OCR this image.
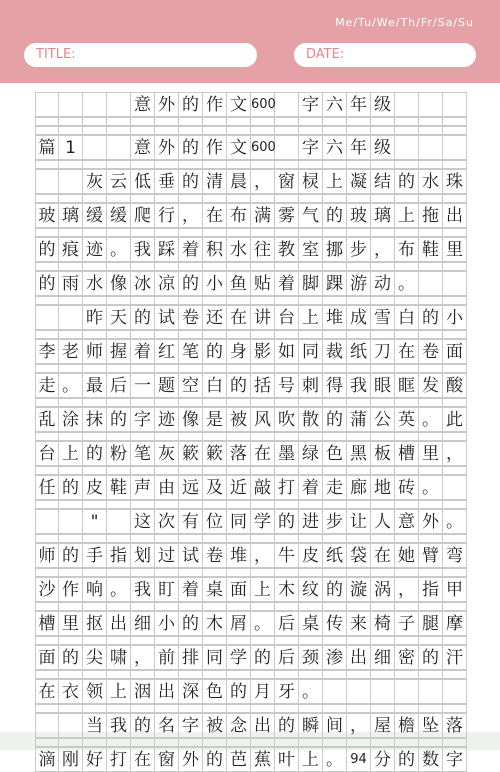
Me/Tu/We/Th/Fr/Sa/Su
TITLE:	DATE:
意 外 的 作 文 600 字 六 年 级
篇 1	意 外 的 作 文 600 字 六 年 级
灰 云 低 垂 的 清 晨 ， 窗 棂 上 凝 结 的 水 珠
玻 璃 缓 缓 爬 行 ， 在 布 满 雾 气 的 玻 璃 上 拖 出
的 痕 迹 。 我 踩 着 积 水 往 教 室 挪 步 ， 布 鞋 里
的 雨 水 像 冰 凉 的 小 鱼 贴 着 脚 踝 游 动 。
昨 天 的 试 卷 还 在 讲 台 上 堆 成 雪 白 的 小
李 老 师 握 着 红 笔 的 身 影 如 同 裁 纸 刀 在 卷 面
走 。 最 后 一 题 空 白 的 括 号 刺 得 我 眼 眶 发 酸
乱 涂 抹 的 字 迹 像 是 被 风 吹 散 的 蒲 公 英 。 此
台 上 的 粉 笔 灰 簌 簌 落 在 墨 绿 色 黑 板 槽 里 ，
任 的 皮 鞋 声 由 远 及 近 敲 打 着 走 廊 地 砖 。
"	这 次 有 位 同 学 的 进 步 让 人 意 外 。
师 的 手 指 划 过 试 卷 堆 ， 牛 皮 纸 袋 在 她 臂 弯
沙 作 响 。 我 盯 着 桌 面 上 木 纹 的 漩 涡 ， 指 甲
槽 里 抠 出 细 小 的 木 屑 。 后 桌 传 来 椅 子 腿 摩
面 的 尖 啸 ， 前 排 同 学 的 后 颈 渗 出 细 密 的 汗
在 衣 领 上 洇 出 深 色 的 月 牙 。
当 我 的 名 字 被 念 出 的 瞬 间 ， 屋 檐 坠 落
滴 刚 好 打 在 窗 外 的 芭 蕉 叶 上 。 94 分 的 数 字
